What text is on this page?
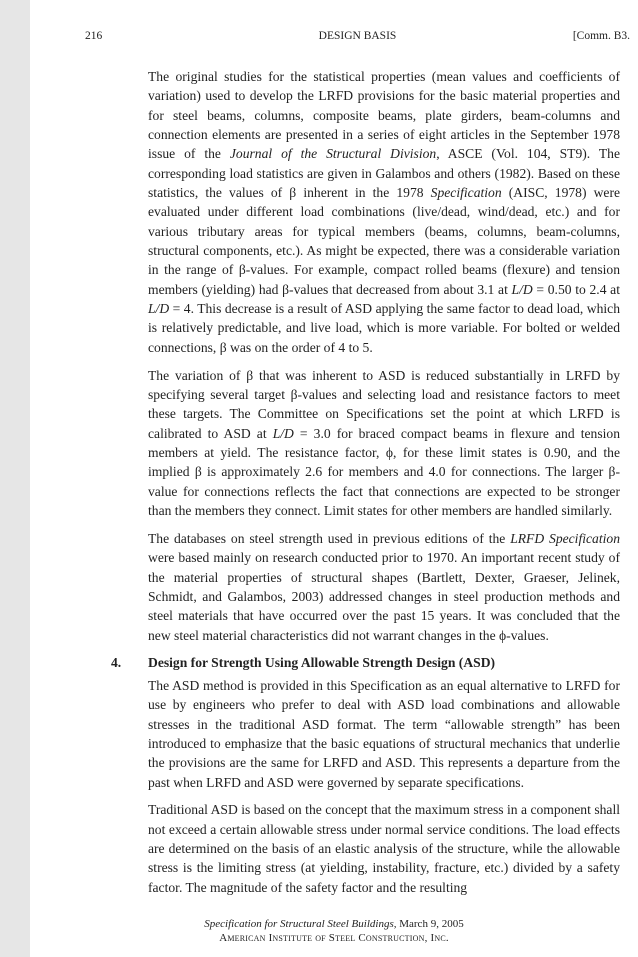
216	DESIGN BASIS	[Comm. B3.

The original studies for the statistical properties (mean values and coefficients of variation) used to develop the LRFD provisions for the basic material properties and for steel beams, columns, composite beams, plate girders, beam-columns and connection elements are presented in a series of eight articles in the September 1978 issue of the Journal of the Structural Division, ASCE (Vol. 104, ST9). The corresponding load statistics are given in Galambos and others (1982). Based on these statistics, the values of β inherent in the 1978 Specification (AISC, 1978) were evaluated under different load combinations (live/dead, wind/dead, etc.) and for various tributary areas for typical members (beams, columns, beam-columns, structural components, etc.). As might be expected, there was a considerable variation in the range of β-values. For example, compact rolled beams (flexure) and tension members (yielding) had β-values that decreased from about 3.1 at L/D = 0.50 to 2.4 at L/D = 4. This decrease is a result of ASD applying the same factor to dead load, which is relatively predictable, and live load, which is more variable. For bolted or welded connections, β was on the order of 4 to 5.

The variation of β that was inherent to ASD is reduced substantially in LRFD by specifying several target β-values and selecting load and resistance factors to meet these targets. The Committee on Specifications set the point at which LRFD is calibrated to ASD at L/D = 3.0 for braced compact beams in flexure and tension members at yield. The resistance factor, ϕ, for these limit states is 0.90, and the implied β is approximately 2.6 for members and 4.0 for connections. The larger β-value for connections reflects the fact that connections are expected to be stronger than the members they connect. Limit states for other members are handled similarly.

The databases on steel strength used in previous editions of the LRFD Specification were based mainly on research conducted prior to 1970. An important recent study of the material properties of structural shapes (Bartlett, Dexter, Graeser, Jelinek, Schmidt, and Galambos, 2003) addressed changes in steel production methods and steel materials that have occurred over the past 15 years. It was concluded that the new steel material characteristics did not warrant changes in the ϕ-values.

4. Design for Strength Using Allowable Strength Design (ASD)

The ASD method is provided in this Specification as an equal alternative to LRFD for use by engineers who prefer to deal with ASD load combinations and allowable stresses in the traditional ASD format. The term “allowable strength” has been introduced to emphasize that the basic equations of structural mechanics that underlie the provisions are the same for LRFD and ASD. This represents a departure from the past when LRFD and ASD were governed by separate specifications.

Traditional ASD is based on the concept that the maximum stress in a component shall not exceed a certain allowable stress under normal service conditions. The load effects are determined on the basis of an elastic analysis of the structure, while the allowable stress is the limiting stress (at yielding, instability, fracture, etc.) divided by a safety factor. The magnitude of the safety factor and the resulting

Specification for Structural Steel Buildings, March 9, 2005
American Institute of Steel Construction, Inc.
